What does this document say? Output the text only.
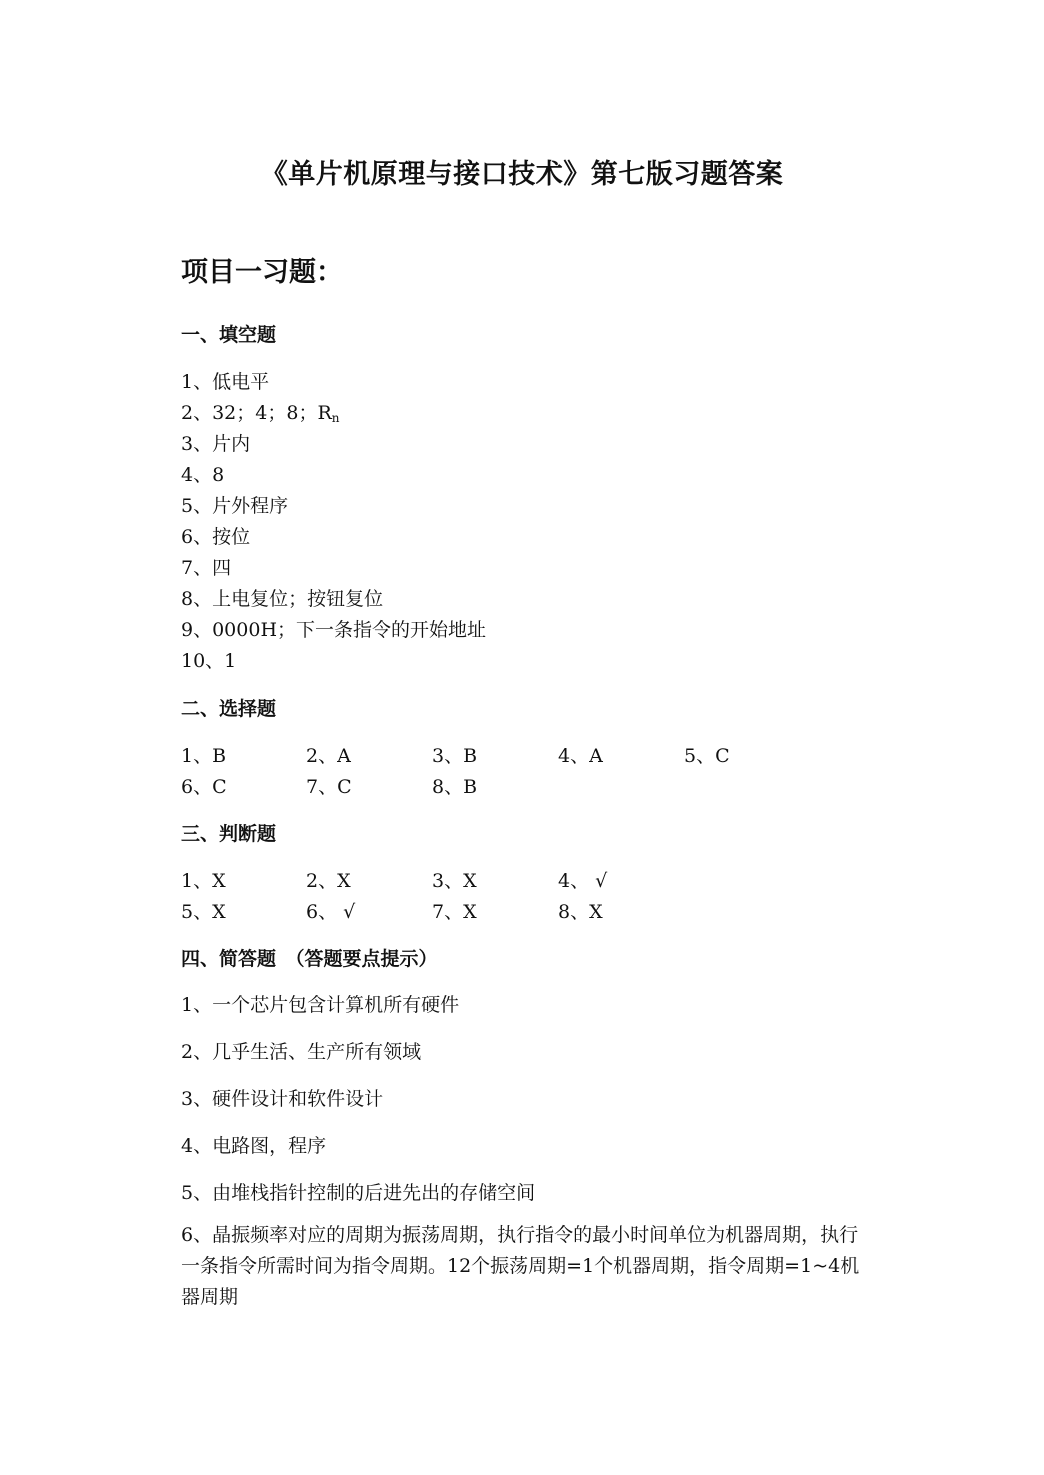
《单片机原理与接口技术》第七版习题答案
项目一习题：
一、填空题
1、低电平
2、32；4；8；$R_n$
3、片内
4、8
5、片外程序
6、按位
7、四
8、上电复位；按钮复位
9、0000H；下一条指令的开始地址
10、1
二、选择题
1、B	2、A	3、B	4、A	5、C
6、C	7、C	8、B
三、判断题
1、X	2、X	3、X	4、 √
5、X	6、 √	7、X	8、X
四、简答题　（答题要点提示）
1、一个芯片包含计算机所有硬件
2、几乎生活、生产所有领域
3、硬件设计和软件设计
4、电路图，程序
5、由堆栈指针控制的后进先出的存储空间
6、晶振频率对应的周期为振荡周期，执行指令的最小时间单位为机器周期，执行一条指令所需时间为指令周期。12个振荡周期=1个机器周期，指令周期=1~4机器周期
